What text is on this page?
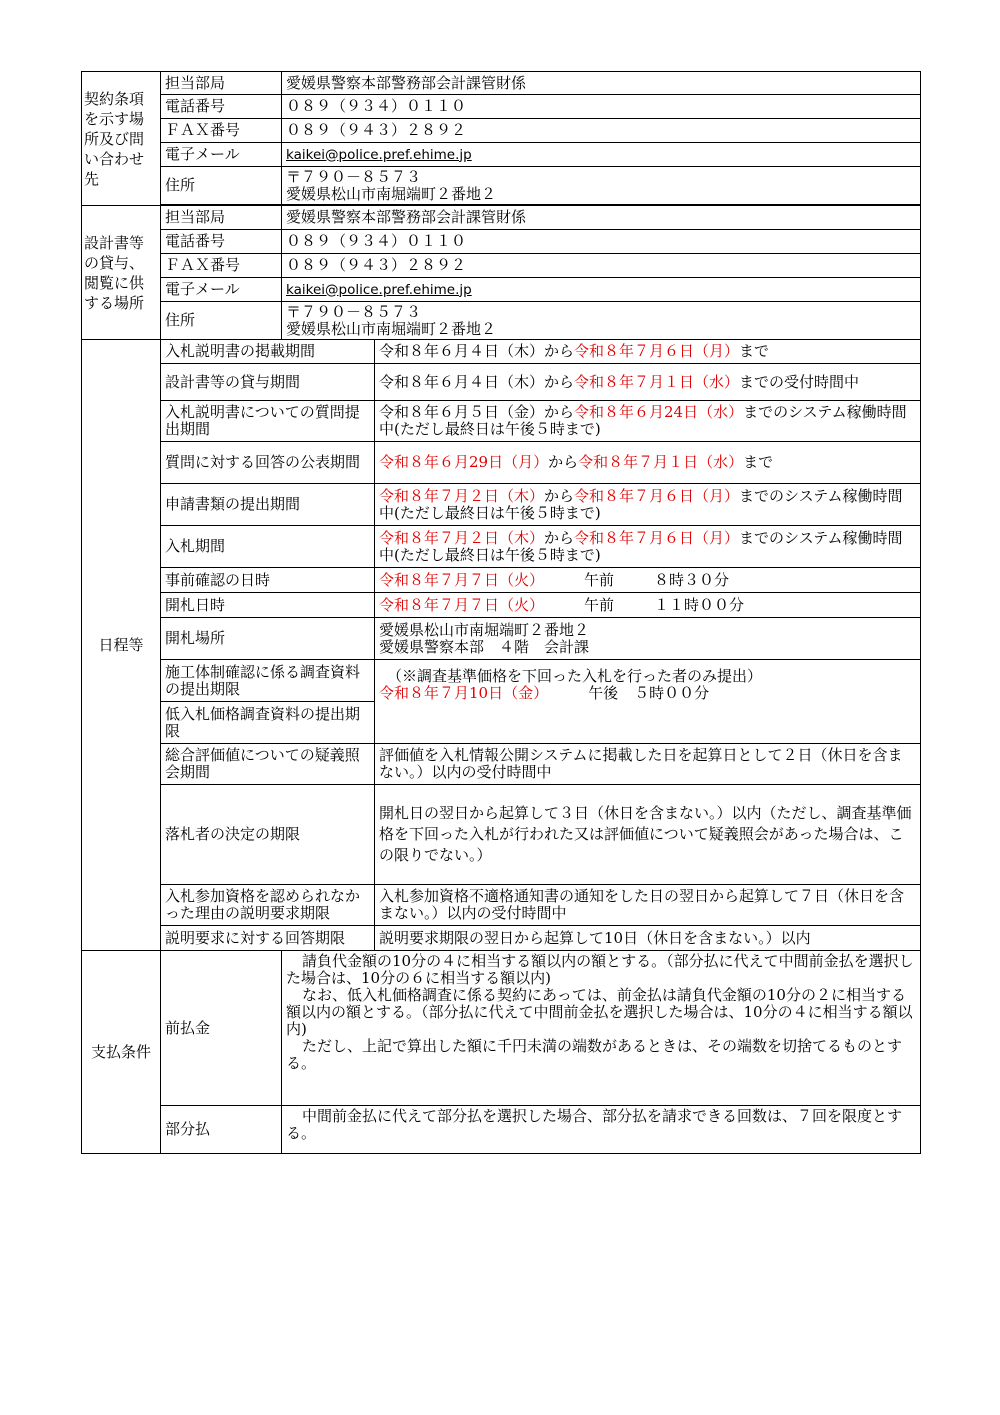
契約条項を示す場所及び問い合わせ先	担当部局	愛媛県警察本部警務部会計課管財係	
	電話番号	０８９（９３４）０１１０	
	ＦＡＸ番号	０８９（９４３）２８９２	
	電子メール	kaikei@police.pref.ehime.jp	
	住所	〒７９０－８５７３
愛媛県松山市南堀端町２番地２	

設計書等の貸与、閲覧に供する場所	担当部局	愛媛県警察本部警務部会計課管財係	
	電話番号	０８９（９３４）０１１０	
	ＦＡＸ番号	０８９（９４３）２８９２	
	電子メール	kaikei@police.pref.ehime.jp	
	住所	〒７９０－８５７３
愛媛県松山市南堀端町２番地２	
日程等	入札説明書の掲載期間		令和８年６月４日（木）から令和８年７月６日（月）まで
	設計書等の貸与期間		令和８年６月４日（木）から令和８年７月１日（水）までの受付時間中
	入札説明書についての質問提出期間		令和８年６月５日（金）から令和８年６月24日（水）までのシステム稼働時間中(ただし最終日は午後５時まで)
	質問に対する回答の公表期間		令和８年６月29日（月）から令和８年７月１日（水）まで
	申請書類の提出期間		令和８年７月２日（木）から令和８年７月６日（月）までのシステム稼働時間中(ただし最終日は午後５時まで)
	入札期間		令和８年７月２日（木）から令和８年７月６日（月）までのシステム稼働時間中(ただし最終日は午後５時まで)
	事前確認の日時		令和８年７月７日（火） 午前 ８時３０分
	開札日時		令和８年７月７日（火） 午前 １１時００分
	開札場所		愛媛県松山市南堀端町２番地２
愛媛県警察本部　４階　会計課
	施工体制確認に係る調査資料の提出期限		（※調査基準価格を下回った入札を行った者のみ提出）
令和８年７月10日（金） 午後 ５時００分
	低入札価格調査資料の提出期限		
	総合評価値についての疑義照会期間		評価値を入札情報公開システムに掲載した日を起算日として２日（休日を含まない。）以内の受付時間中
	落札者の決定の期限		開札日の翌日から起算して３日（休日を含まない。）以内（ただし、調査基準価格を下回った入札が行われた又は評価値について疑義照会があった場合は、この限りでない。）
	入札参加資格を認められなかった理由の説明要求期限		入札参加資格不適格通知書の通知をした日の翌日から起算して７日（休日を含まない。）以内の受付時間中
	説明要求に対する回答期限		説明要求期限の翌日から起算して10日（休日を含まない。）以内
支払条件	前払金	請負代金額の10分の４に相当する額以内の額とする。（部分払に代えて中間前金払を選択した場合は、10分の６に相当する額以内)
なお、低入札価格調査に係る契約にあっては、前金払は請負代金額の10分の２に相当する額以内の額とする。（部分払に代えて中間前金払を選択した場合は、10分の４に相当する額以内)
ただし、上記で算出した額に千円未満の端数があるときは、その端数を切捨てるものとする。	
	部分払	中間前金払に代えて部分払を選択した場合、部分払を請求できる回数は、７回を限度とする。	
